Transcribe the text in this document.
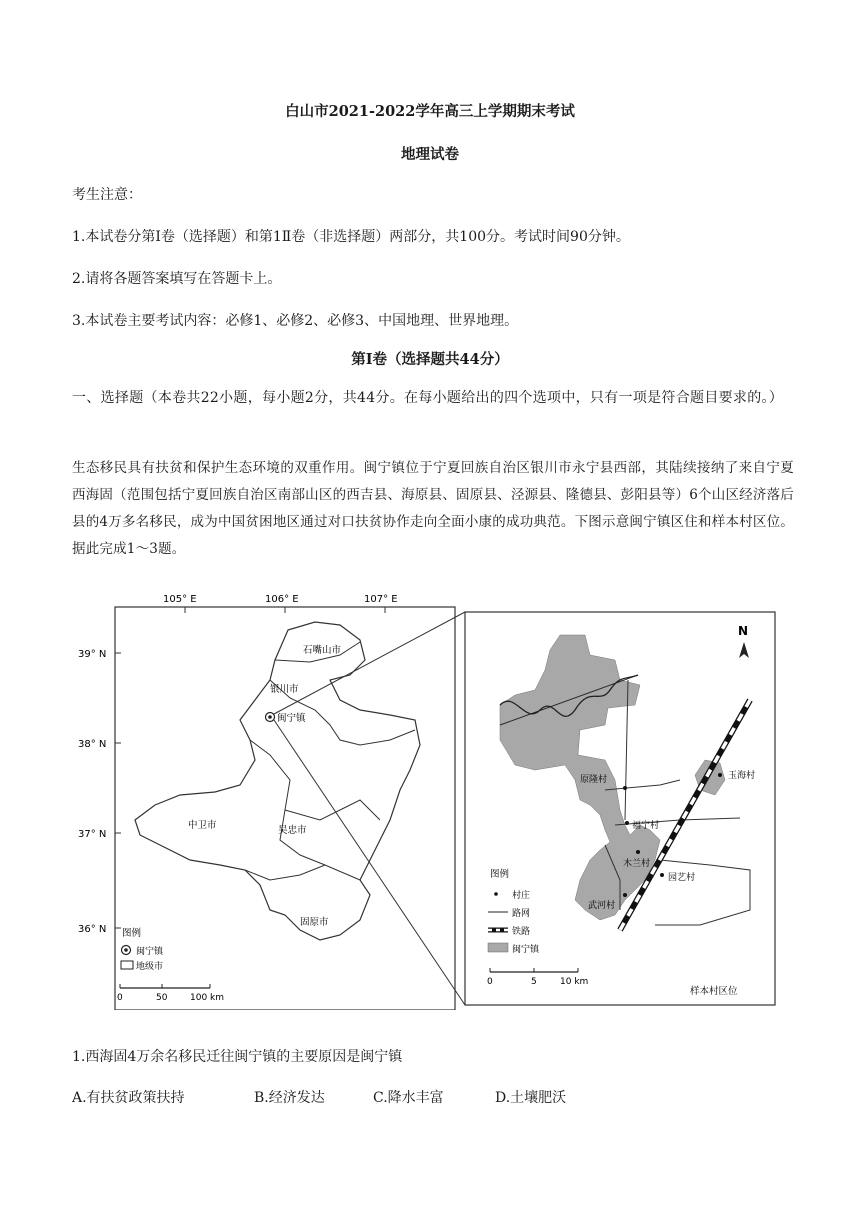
白山市2021-2022学年高三上学期期末考试
地理试卷
考生注意：
1.本试卷分第Ⅰ卷（选择题）和第1Ⅱ卷（非选择题）两部分，共100分。考试时间90分钟。
2.请将各题答案填写在答题卡上。
3.本试卷主要考试内容：必修1、必修2、必修3、中国地理、世界地理。
第Ⅰ卷（选择题共44分）
一、选择题（本卷共22小题，每小题2分，共44分。在每小题给出的四个选项中，只有一项是符合题目要求的。）
生态移民具有扶贫和保护生态环境的双重作用。闽宁镇位于宁夏回族自治区银川市永宁县西部，其陆续接纳了来自宁夏西海固（范围包括宁夏回族自治区南部山区的西吉县、海原县、固原县、泾源县、隆德县、彭阳县等）6个山区经济落后县的4万多名移民，成为中国贫困地区通过对口扶贫协作走向全面小康的成功典范。下图示意闽宁镇区住和样本村区位。据此完成1～3题。
105° E	106° E	107° E
39° N
38° N
37° N
36° N
石嘴山市
银川市
闽宁镇
中卫市	吴忠市
固原市
图例
闽宁镇
地级市
0	50	100 km
N
原隆村
福宁村
木兰村
园艺村
武河村
玉海村
图例
村庄
路网
铁路
闽宁镇
0	5	10 km
样本村区位
1.西海固4万余名移民迁往闽宁镇的主要原因是闽宁镇
A.有扶贫政策扶持	B.经济发达	C.降水丰富	D.土壤肥沃
